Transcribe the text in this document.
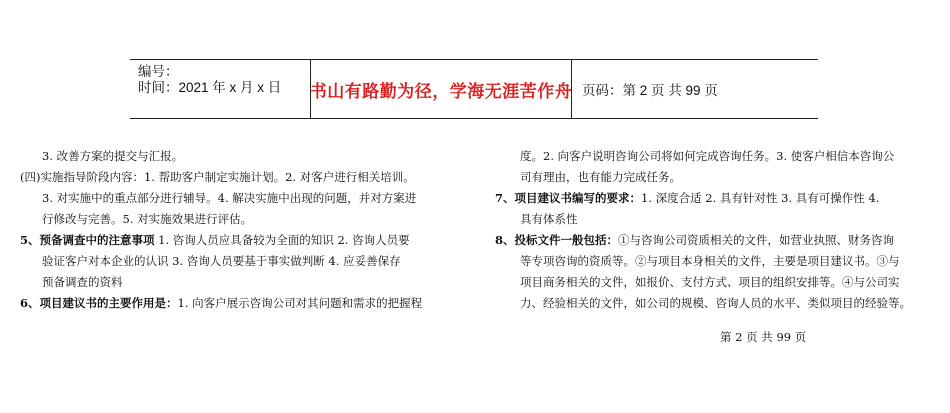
编号：
时间：2021 年 x 月 x 日	书山有路勤为径，学海无涯苦作舟 页码：第 2 页 共 99 页
3. 改善方案的提交与汇报。
(四)实施指导阶段内容：1. 帮助客户制定实施计划。2. 对客户进行相关培训。
3. 对实施中的重点部分进行辅导。4. 解决实施中出现的问题，并对方案进
行修改与完善。5. 对实施效果进行评估。
5、预备调查中的注意事项 1. 咨询人员应具备较为全面的知识 2. 咨询人员要
验证客户对本企业的认识 3. 咨询人员要基于事实做判断 4. 应妥善保存
预备调查的资料
6、项目建议书的主要作用是：1. 向客户展示咨询公司对其问题和需求的把握程
度。2. 向客户说明咨询公司将如何完成咨询任务。3. 使客户相信本咨询公
司有理由，也有能力完成任务。
7、项目建议书编写的要求：1. 深度合适 2. 具有针对性 3. 具有可操作性 4.
具有体系性
8、投标文件一般包括：①与咨询公司资质相关的文件，如营业执照、财务咨询
等专项咨询的资质等。②与项目本身相关的文件，主要是项目建议书。③与
项目商务相关的文件，如报价、支付方式、项目的组织安排等。④与公司实
力、经验相关的文件，如公司的规模、咨询人员的水平、类似项目的经验等。
第 2 页 共 99 页
